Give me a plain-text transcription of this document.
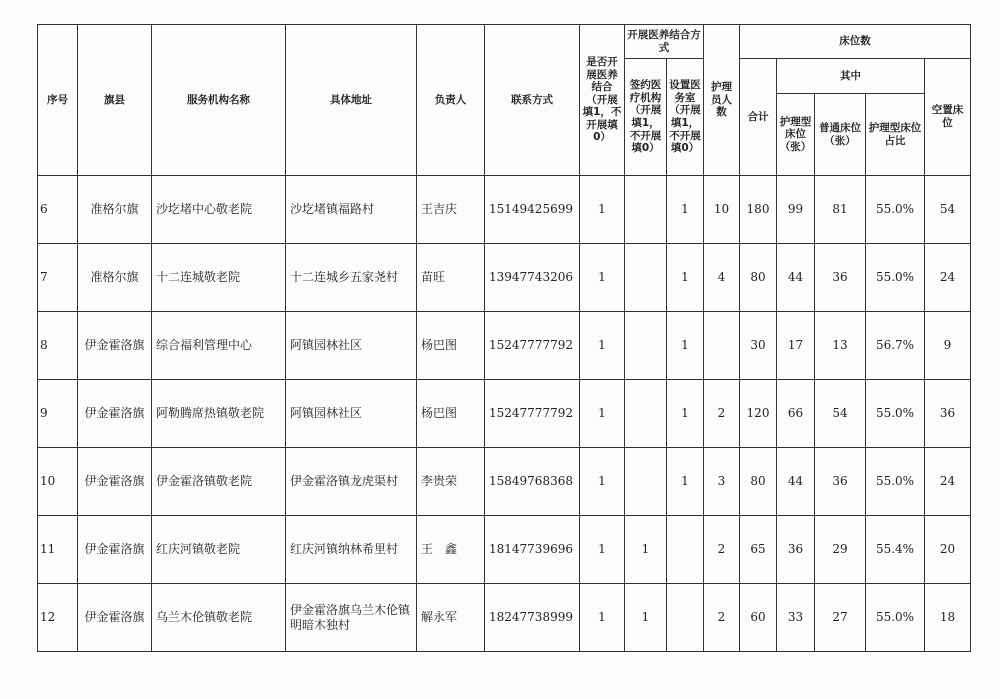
序号	旗县	服务机构名称	具体地址	负责人	联系方式	是否开展医养结合（开展填1，不开展填0）	开展医养结合方式		护理员人数	床位数				
							签约医疗机构（开展填1，不开展填0）	设置医务室（开展填1，不开展填0）		合计	其中			空置床位
											护理型床位（张）	普通床位（张）	护理型床位占比	
6	准格尔旗	沙圪堵中心敬老院	沙圪堵镇福路村	王吉庆	15149425699	1		1	10	180	99	81	55.0%	54
7	准格尔旗	十二连城敬老院	十二连城乡五家尧村	苗旺	13947743206	1		1	4	80	44	36	55.0%	24
8	伊金霍洛旗	综合福利管理中心	阿镇园林社区	杨巴图	15247777792	1		1		30	17	13	56.7%	9
9	伊金霍洛旗	阿勒腾席热镇敬老院	阿镇园林社区	杨巴图	15247777792	1		1	2	120	66	54	55.0%	36
10	伊金霍洛旗	伊金霍洛镇敬老院	伊金霍洛镇龙虎渠村	李贵荣	15849768368	1		1	3	80	44	36	55.0%	24
11	伊金霍洛旗	红庆河镇敬老院	红庆河镇纳林希里村	王　鑫	18147739696	1	1		2	65	36	29	55.4%	20
12	伊金霍洛旗	乌兰木伦镇敬老院	伊金霍洛旗乌兰木伦镇明暗木独村	解永军	18247738999	1	1		2	60	33	27	55.0%	18
